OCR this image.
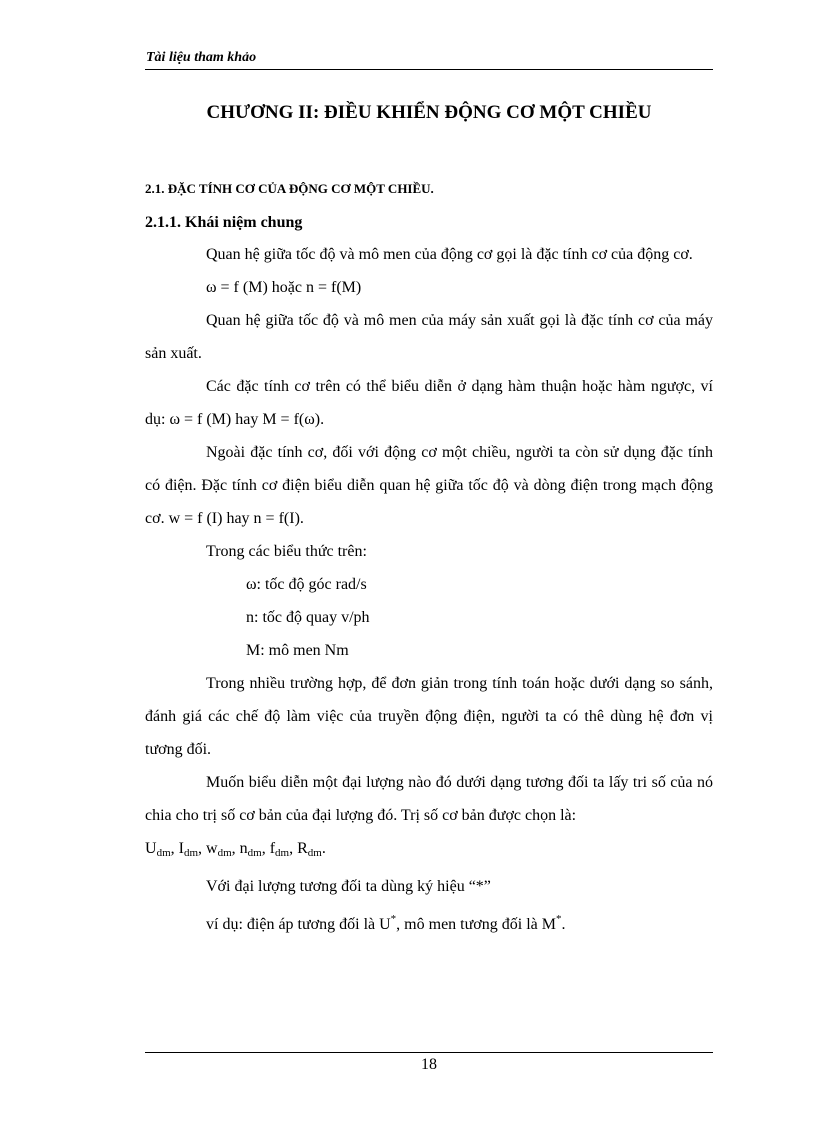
Tài liệu tham khảo
CHƯƠNG II: ĐIỀU KHIỂN ĐỘNG CƠ MỘT CHIỀU
2.1. ĐẶC TÍNH CƠ CỦA ĐỘNG CƠ MỘT CHIỀU.
2.1.1. Khái niệm chung

Quan hệ giữa tốc độ và mô men của động cơ gọi là đặc tính cơ của động cơ.

ω = f (M) hoặc n = f(M)

Quan hệ giữa tốc độ và mô men của máy sản xuất gọi là đặc tính cơ của máy sản xuất.

Các đặc tính cơ trên có thể biểu diễn ở dạng hàm thuận hoặc hàm ngược, ví dụ: ω = f (M) hay M = f(ω).

Ngoài đặc tính cơ, đối với động cơ một chiều, người ta còn sử dụng đặc tính có điện. Đặc tính cơ điện biểu diễn quan hệ giữa tốc độ và dòng điện trong mạch động cơ. w = f (I) hay n = f(I).

Trong các biểu thức trên:

ω: tốc độ góc rad/s

n: tốc độ quay v/ph

M: mô men Nm

Trong nhiều trường hợp, để đơn giản trong tính toán hoặc dưới dạng so sánh, đánh giá các chế độ làm việc của truyền động điện, người ta có thê dùng hệ đơn vị tương đối.

Muốn biểu diễn một đại lượng nào đó dưới dạng tương đối ta lấy tri số của nó chia cho trị số cơ bản của đại lượng đó. Trị số cơ bản được chọn là:

$U_{dm}$, $I_{dm}$, $w_{dm}$, $n_{dm}$, $f_{dm}$, $R_{dm}$.

Với đại lượng tương đối ta dùng ký hiệu “*”

ví dụ: điện áp tương đối là U*, mô men tương đối là M*.

18
